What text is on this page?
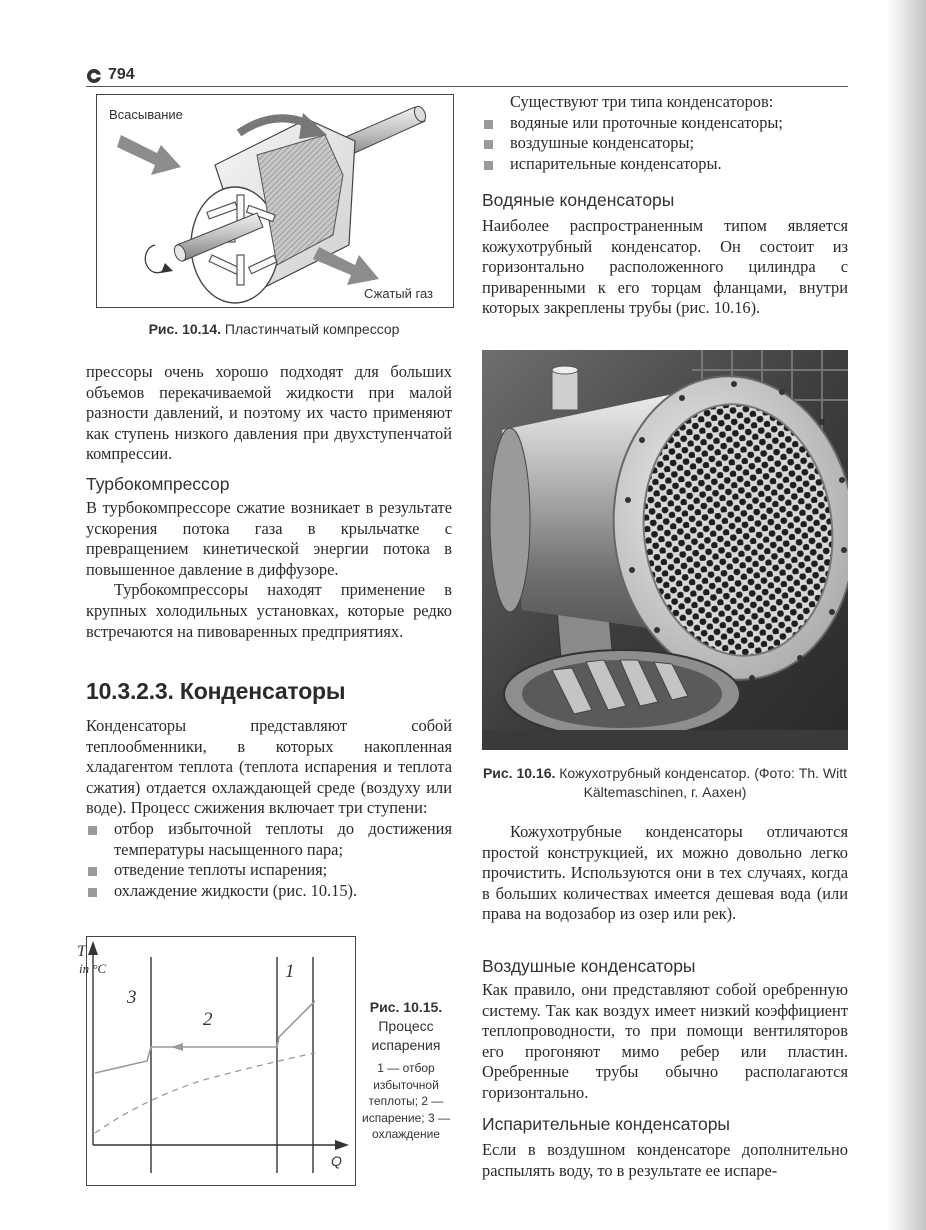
794
Всасывание
Сжатый газ
Рис. 10.14. Пластинчатый компрессор

прессоры очень хорошо подходят для больших объемов перекачиваемой жидкости при малой разности давлений, и поэтому их часто применяют как ступень низкого давления при двухступенчатой компрессии.

Турбокомпрессор

В турбокомпрессоре сжатие возникает в результате ускорения потока газа в крыльчатке с превращением кинетической энергии потока в повышенное давление в диффузоре.

Турбокомпрессоры находят применение в крупных холодильных установках, которые редко встречаются на пивоваренных предприятиях.

10.3.2.3. Конденсаторы

Конденсаторы представляют собой теплообменники, в которых накопленная хладагентом теплота (теплота испарения и теплота сжатия) отдается охлаждающей среде (воздуху или воде). Процесс сжижения включает три ступени:

отбор избыточной теплоты до достижения температуры насыщенного пара;
отведение теплоты испарения;
охлаждение жидкости (рис. 10.15).
T
in °C
Q
3
2
1
Рис. 10.15.
Процесс испарения
1 — отбор избыточной теплоты; 2 — испарение; 3 — охлаждение

Существуют три типа конденсаторов:

водяные или проточные конденсаторы;
воздушные конденсаторы;
испарительные конденсаторы.
Водяные конденсаторы

Наиболее распространенным типом является кожухотрубный конденсатор. Он состоит из горизонтально расположенного цилиндра с приваренными к его торцам фланцами, внутри которых закреплены трубы (рис. 10.16).

Рис. 10.16. Кожухотрубный конденсатор. (Фото: Th. Witt Kältemaschinen, г. Аахен)

Кожухотрубные конденсаторы отличаются простой конструкцией, их можно довольно легко прочистить. Используются они в тех случаях, когда в больших количествах имеется дешевая вода (или права на водозабор из озер или рек).

Воздушные конденсаторы

Как правило, они представляют собой оребренную систему. Так как воздух имеет низкий коэффициент теплопроводности, то при помощи вентиляторов его прогоняют мимо ребер или пластин. Оребренные трубы обычно располагаются горизонтально.

Испарительные конденсаторы

Если в воздушном конденсаторе дополнительно распылять воду, то в результате ее испаре-
